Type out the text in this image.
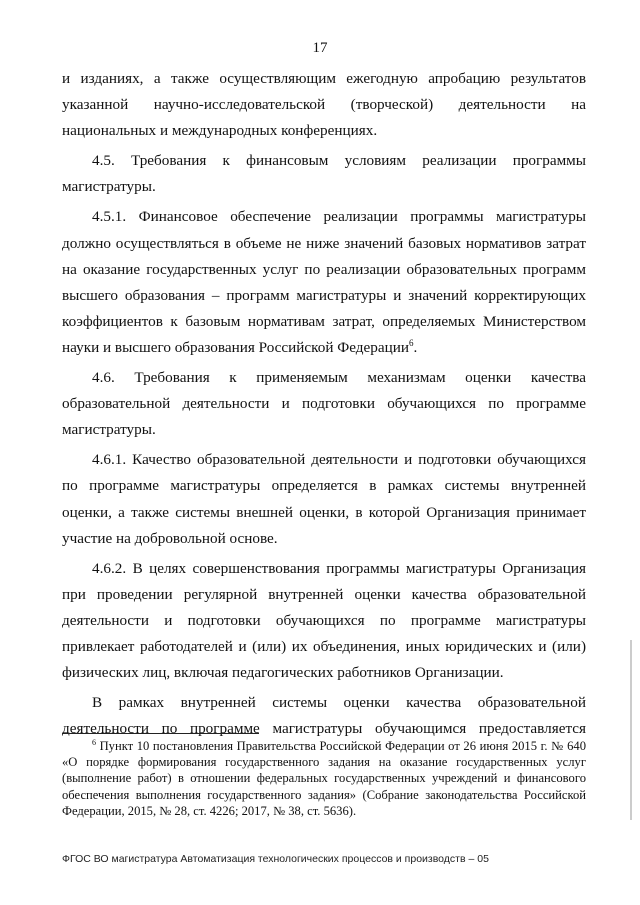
17

и изданиях, а также осуществляющим ежегодную апробацию результатов указанной научно-исследовательской (творческой) деятельности на национальных и международных конференциях.

4.5. Требования к финансовым условиям реализации программы магистратуры.

4.5.1. Финансовое обеспечение реализации программы магистратуры должно осуществляться в объеме не ниже значений базовых нормативов затрат на оказание государственных услуг по реализации образовательных программ высшего образования – программ магистратуры и значений корректирующих коэффициентов к базовым нормативам затрат, определяемых Министерством науки и высшего образования Российской Федерации$^6$.

4.6. Требования к применяемым механизмам оценки качества образовательной деятельности и подготовки обучающихся по программе магистратуры.

4.6.1. Качество образовательной деятельности и подготовки обучающихся по программе магистратуры определяется в рамках системы внутренней оценки, а также системы внешней оценки, в которой Организация принимает участие на добровольной основе.

4.6.2. В целях совершенствования программы магистратуры Организация при проведении регулярной внутренней оценки качества образовательной деятельности и подготовки обучающихся по программе магистратуры привлекает работодателей и (или) их объединения, иных юридических и (или) физических лиц, включая педагогических работников Организации.

В рамках внутренней системы оценки качества образовательной деятельности по программе магистратуры обучающимся предоставляется

$^6$ Пункт 10 постановления Правительства Российской Федерации от 26 июня 2015 г. № 640 «О порядке формирования государственного задания на оказание государственных услуг (выполнение работ) в отношении федеральных государственных учреждений и финансового обеспечения выполнения государственного задания» (Собрание законодательства Российской Федерации, 2015, № 28, ст. 4226; 2017, № 38, ст. 5636).
ФГОС ВО магистратура Автоматизация технологических процессов и производств – 05
